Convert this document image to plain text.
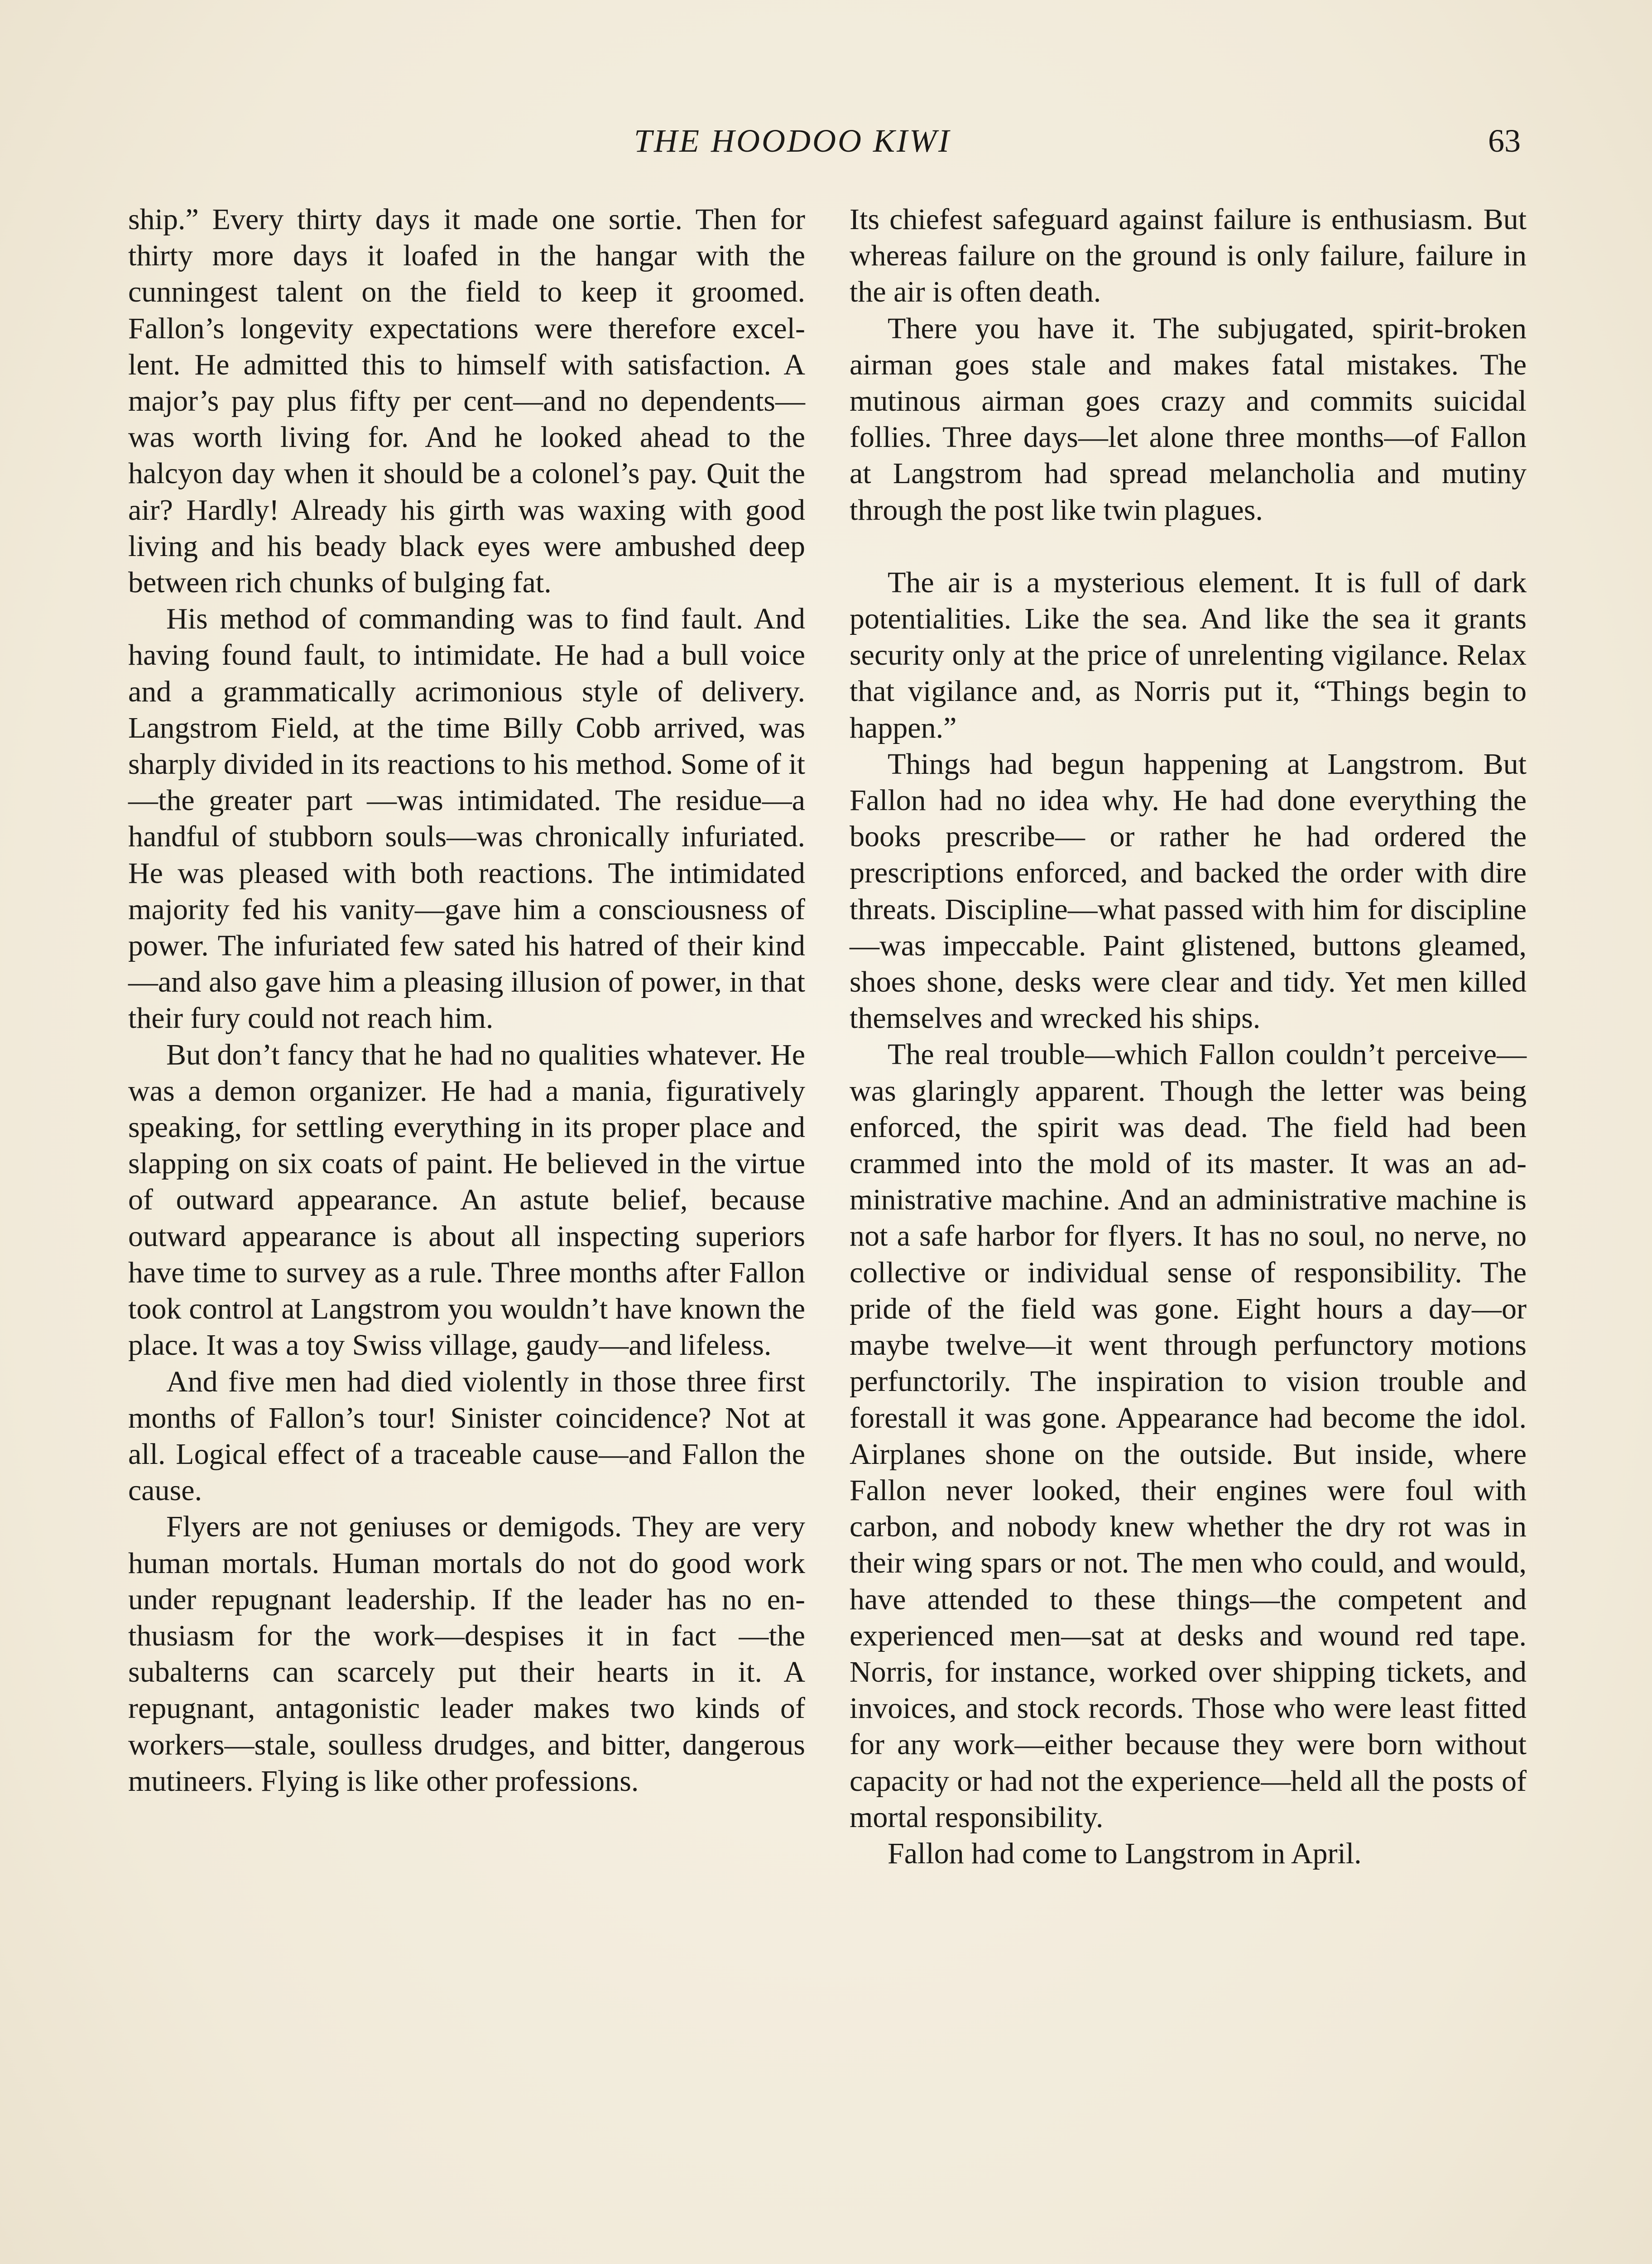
THE HOODOO KIWI	63

ship.” Every thirty days it made one sortie. Then for thirty more days it loafed in the hangar with the cunningest talent on the field to keep it groomed. Fallon’s longevity expectations were therefore excellent. He admitted this to himself with satisfaction. A major’s pay plus fifty per cent—and no dependents—was worth living for. And he looked ahead to the halcyon day when it should be a colonel’s pay. Quit the air? Hardly! Already his girth was waxing with good living and his beady black eyes were ambushed deep between rich chunks of bulging fat.

His method of commanding was to find fault. And having found fault, to intimidate. He had a bull voice and a grammatically acrimonious style of delivery. Langstrom Field, at the time Billy Cobb arrived, was sharply divided in its reactions to his method. Some of it—the greater part —was intimidated. The residue—a handful of stubborn souls—was chronically infuriated. He was pleased with both reactions. The intimidated majority fed his vanity—gave him a consciousness of power. The infuriated few sated his hatred of their kind—and also gave him a pleasing illusion of power, in that their fury could not reach him.

But don’t fancy that he had no qualities whatever. He was a demon organizer. He had a mania, figuratively speaking, for settling everything in its proper place and slapping on six coats of paint. He believed in the virtue of outward appearance. An astute belief, because outward appearance is about all inspecting superiors have time to survey as a rule. Three months after Fallon took control at Langstrom you wouldn’t have known the place. It was a toy Swiss village, gaudy—and lifeless.

And five men had died violently in those three first months of Fallon’s tour! Sinister coincidence? Not at all. Logical effect of a traceable cause—and Fallon the cause.

Flyers are not geniuses or demigods. They are very human mortals. Human mortals do not do good work under repugnant leadership. If the leader has no enthusiasm for the work—despises it in fact —the subalterns can scarcely put their hearts in it. A repugnant, antagonistic leader makes two kinds of workers—stale, soulless drudges, and bitter, dangerous mutineers. Flying is like other professions.

Its chiefest safeguard against failure is enthusiasm. But whereas failure on the ground is only failure, failure in the air is often death.

There you have it. The subjugated, spirit-broken airman goes stale and makes fatal mistakes. The mutinous airman goes crazy and commits suicidal follies. Three days—let alone three months—of Fallon at Langstrom had spread melancholia and mutiny through the post like twin plagues.

The air is a mysterious element. It is full of dark potentialities. Like the sea. And like the sea it grants security only at the price of unrelenting vigilance. Relax that vigilance and, as Norris put it, “Things begin to happen.”

Things had begun happening at Langstrom. But Fallon had no idea why. He had done everything the books prescribe— or rather he had ordered the prescriptions enforced, and backed the order with dire threats. Discipline—what passed with him for discipline—was impeccable. Paint glistened, buttons gleamed, shoes shone, desks were clear and tidy. Yet men killed themselves and wrecked his ships.

The real trouble—which Fallon couldn’t perceive—was glaringly apparent. Though the letter was being enforced, the spirit was dead. The field had been crammed into the mold of its master. It was an administrative machine. And an administrative machine is not a safe harbor for flyers. It has no soul, no nerve, no collective or individual sense of responsibility. The pride of the field was gone. Eight hours a day—or maybe twelve—it went through perfunctory motions perfunctorily. The inspiration to vision trouble and forestall it was gone. Appearance had become the idol. Airplanes shone on the outside. But inside, where Fallon never looked, their engines were foul with carbon, and nobody knew whether the dry rot was in their wing spars or not. The men who could, and would, have attended to these things—the competent and experienced men—sat at desks and wound red tape. Norris, for instance, worked over shipping tickets, and invoices, and stock records. Those who were least fitted for any work—either because they were born without capacity or had not the experience—held all the posts of mortal responsibility.

Fallon had come to Langstrom in April.
